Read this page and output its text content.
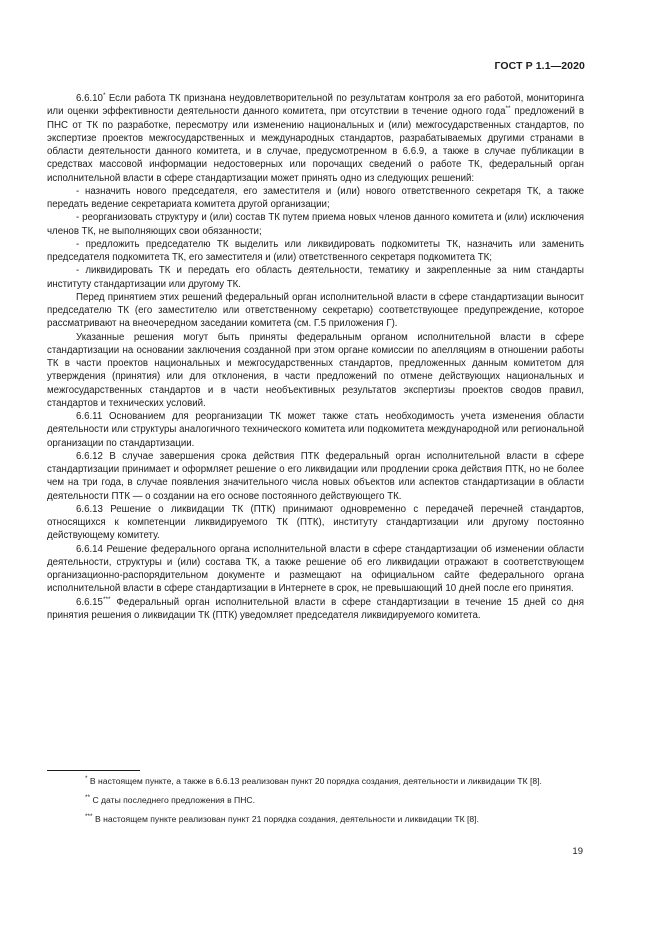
ГОСТ Р 1.1—2020

6.6.10* Если работа ТК признана неудовлетворительной по результатам контроля за его работой, мониторинга или оценки эффективности деятельности данного комитета, при отсутствии в течение одного года** предложений в ПНС от ТК по разработке, пересмотру или изменению национальных и (или) межгосударственных стандартов, по экспертизе проектов межгосударственных и международных стандартов, разрабатываемых другими странами в области деятельности данного комитета, и в случае, предусмотренном в 6.6.9, а также в случае публикации в средствах массовой информации недостоверных или порочащих сведений о работе ТК, федеральный орган исполнительной власти в сфере стандартизации может принять одно из следующих решений:

- назначить нового председателя, его заместителя и (или) нового ответственного секретаря ТК, а также передать ведение секретариата комитета другой организации;

- реорганизовать структуру и (или) состав ТК путем приема новых членов данного комитета и (или) исключения членов ТК, не выполняющих свои обязанности;

- предложить председателю ТК выделить или ликвидировать подкомитеты ТК, назначить или заменить председателя подкомитета ТК, его заместителя и (или) ответственного секретаря подкомитета ТК;

- ликвидировать ТК и передать его область деятельности, тематику и закрепленные за ним стандарты институту стандартизации или другому ТК.

Перед принятием этих решений федеральный орган исполнительной власти в сфере стандартизации выносит председателю ТК (его заместителю или ответственному секретарю) соответствующее предупреждение, которое рассматривают на внеочередном заседании комитета (см. Г.5 приложения Г).

Указанные решения могут быть приняты федеральным органом исполнительной власти в сфере стандартизации на основании заключения созданной при этом органе комиссии по апелляциям в отношении работы ТК в части проектов национальных и межгосударственных стандартов, предложенных данным комитетом для утверждения (принятия) или для отклонения, в части предложений по отмене действующих национальных и межгосударственных стандартов и в части необъективных результатов экспертизы проектов сводов правил, стандартов и технических условий.

6.6.11 Основанием для реорганизации ТК может также стать необходимость учета изменения области деятельности или структуры аналогичного технического комитета или подкомитета международной или региональной организации по стандартизации.

6.6.12 В случае завершения срока действия ПТК федеральный орган исполнительной власти в сфере стандартизации принимает и оформляет решение о его ликвидации или продлении срока действия ПТК, но не более чем на три года, в случае появления значительного числа новых объектов или аспектов стандартизации в области деятельности ПТК — о создании на его основе постоянного действующего ТК.

6.6.13 Решение о ликвидации ТК (ПТК) принимают одновременно с передачей перечней стандартов, относящихся к компетенции ликвидируемого ТК (ПТК), институту стандартизации или другому постоянно действующему комитету.

6.6.14 Решение федерального органа исполнительной власти в сфере стандартизации об изменении области деятельности, структуры и (или) состава ТК, а также решение об его ликвидации отражают в соответствующем организационно-распорядительном документе и размещают на официальном сайте федерального органа исполнительной власти в сфере стандартизации в Интернете в срок, не превышающий 10 дней после его принятия.

6.6.15*** Федеральный орган исполнительной власти в сфере стандартизации в течение 15 дней со дня принятия решения о ликвидации ТК (ПТК) уведомляет председателя ликвидируемого комитета.

* В настоящем пункте, а также в 6.6.13 реализован пункт 20 порядка создания, деятельности и ликвидации ТК [8].

** С даты последнего предложения в ПНС.

*** В настоящем пункте реализован пункт 21 порядка создания, деятельности и ликвидации ТК [8].

19
